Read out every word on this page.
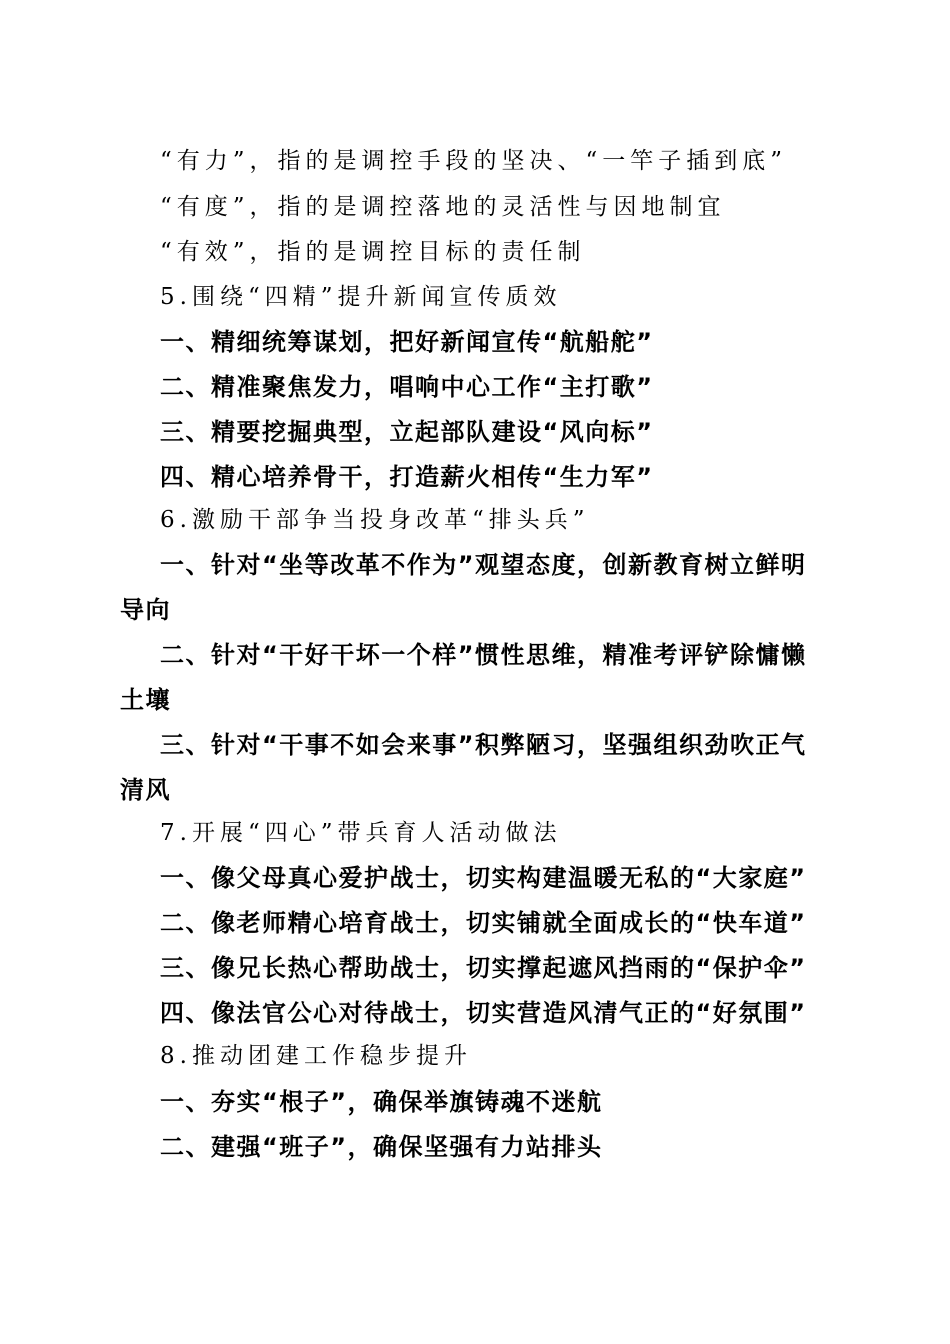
“有力”，指的是调控手段的坚决、“一竿子插到底”
“有度”，指的是调控落地的灵活性与因地制宜
“有效”，指的是调控目标的责任制
5.围绕“四精”提升新闻宣传质效
一、精细统筹谋划，把好新闻宣传“航船舵”
二、精准聚焦发力，唱响中心工作“主打歌”
三、精要挖掘典型，立起部队建设“风向标”
四、精心培养骨干，打造薪火相传“生力军”
6.激励干部争当投身改革“排头兵”
一、针对“坐等改革不作为”观望态度，创新教育树立鲜明
导向
二、针对“干好干坏一个样”惯性思维，精准考评铲除慵懒
土壤
三、针对“干事不如会来事”积弊陋习，坚强组织劲吹正气
清风
7.开展“四心”带兵育人活动做法
一、像父母真心爱护战士，切实构建温暖无私的“大家庭”
二、像老师精心培育战士，切实铺就全面成长的“快车道”
三、像兄长热心帮助战士，切实撑起遮风挡雨的“保护伞”
四、像法官公心对待战士，切实营造风清气正的“好氛围”
8.推动团建工作稳步提升
一、夯实“根子”，确保举旗铸魂不迷航
二、建强“班子”，确保坚强有力站排头
